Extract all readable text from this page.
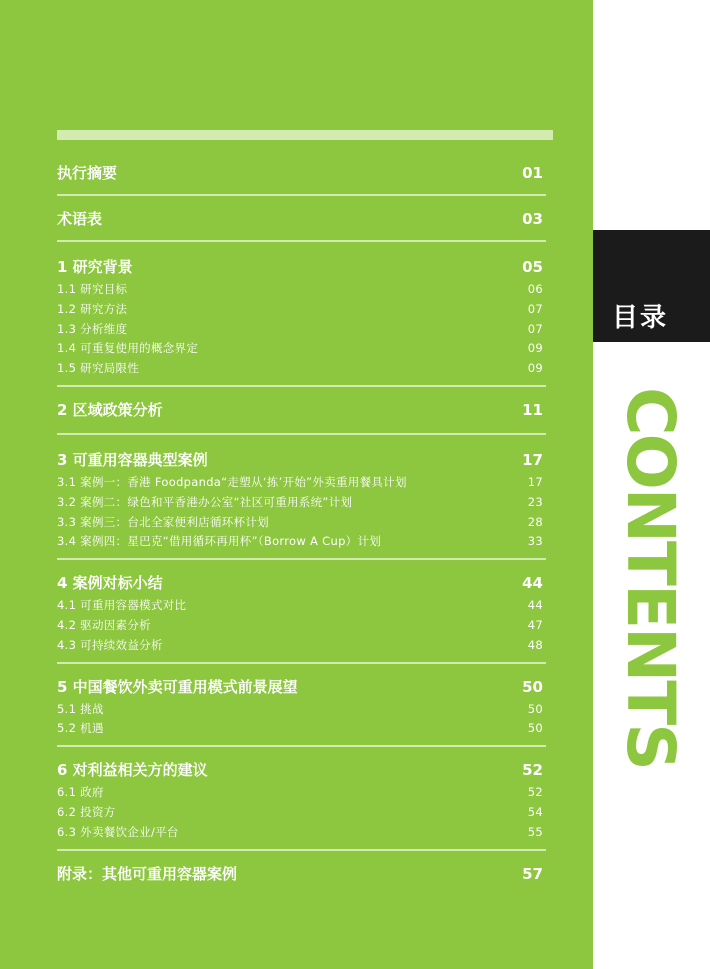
执行摘要	01
术语表	03
1 研究背景	05
1.1 研究目标	06
1.2 研究方法	07
1.3 分析维度	07
1.4 可重复使用的概念界定	09
1.5 研究局限性	09
2 区域政策分析	11
3 可重用容器典型案例	17
3.1 案例一：香港 Foodpanda“走塑从‘拣’开始”外卖重用餐具计划	17
3.2 案例二：绿色和平香港办公室“社区可重用系统”计划	23
3.3 案例三：台北全家便利店循环杯计划	28
3.4 案例四：星巴克“借用循环再用杯”（Borrow A Cup）计划	33
4 案例对标小结	44
4.1 可重用容器模式对比	44
4.2 驱动因素分析	47
4.3 可持续效益分析	48
5 中国餐饮外卖可重用模式前景展望	50
5.1 挑战	50
5.2 机遇	50
6 对利益相关方的建议	52
6.1 政府	52
6.2 投资方	54
6.3 外卖餐饮企业/平台	55
附录：其他可重用容器案例	57
目录
CONTENTS
